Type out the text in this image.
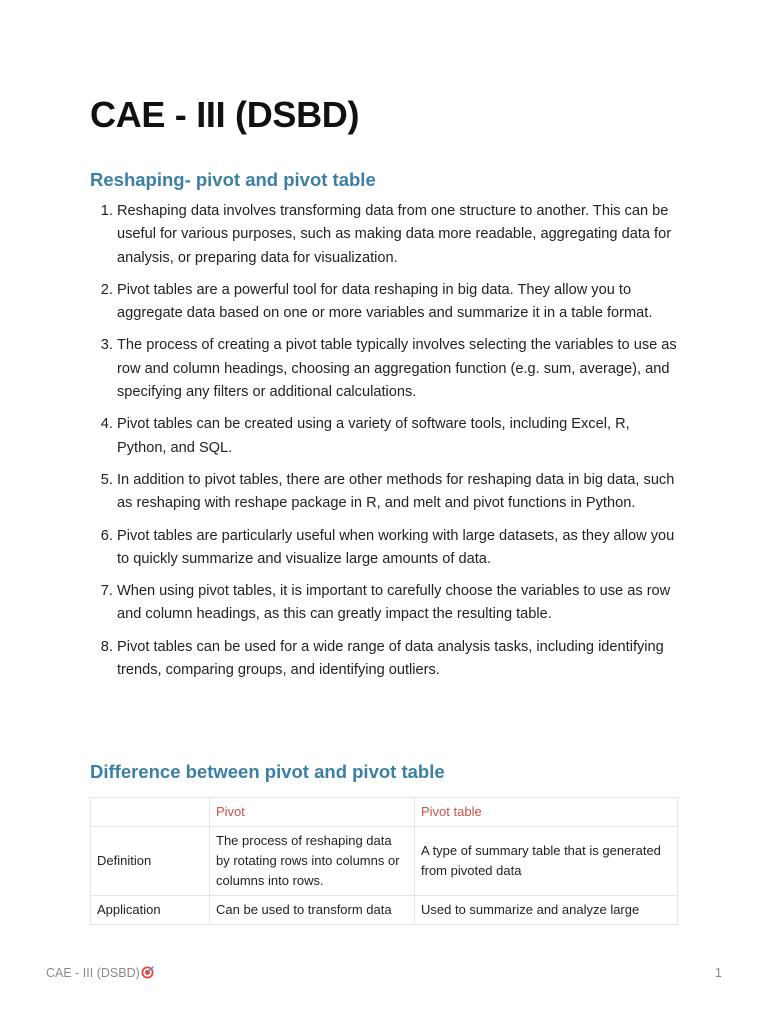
CAE - III (DSBD)
Reshaping- pivot and pivot table
1. Reshaping data involves transforming data from one structure to another. This can be useful for various purposes, such as making data more readable, aggregating data for analysis, or preparing data for visualization.
2. Pivot tables are a powerful tool for data reshaping in big data. They allow you to aggregate data based on one or more variables and summarize it in a table format.
3. The process of creating a pivot table typically involves selecting the variables to use as row and column headings, choosing an aggregation function (e.g. sum, average), and specifying any filters or additional calculations.
4. Pivot tables can be created using a variety of software tools, including Excel, R, Python, and SQL.
5. In addition to pivot tables, there are other methods for reshaping data in big data, such as reshaping with reshape package in R, and melt and pivot functions in Python.
6. Pivot tables are particularly useful when working with large datasets, as they allow you to quickly summarize and visualize large amounts of data.
7. When using pivot tables, it is important to carefully choose the variables to use as row and column headings, as this can greatly impact the resulting table.
8. Pivot tables can be used for a wide range of data analysis tasks, including identifying trends, comparing groups, and identifying outliers.
Difference between pivot and pivot table
	Pivot	Pivot table
Definition	The process of reshaping data by rotating rows into columns or columns into rows.	A type of summary table that is generated from pivoted data
Application	Can be used to transform data	Used to summarize and analyze large
CAE - III (DSBD)	1
